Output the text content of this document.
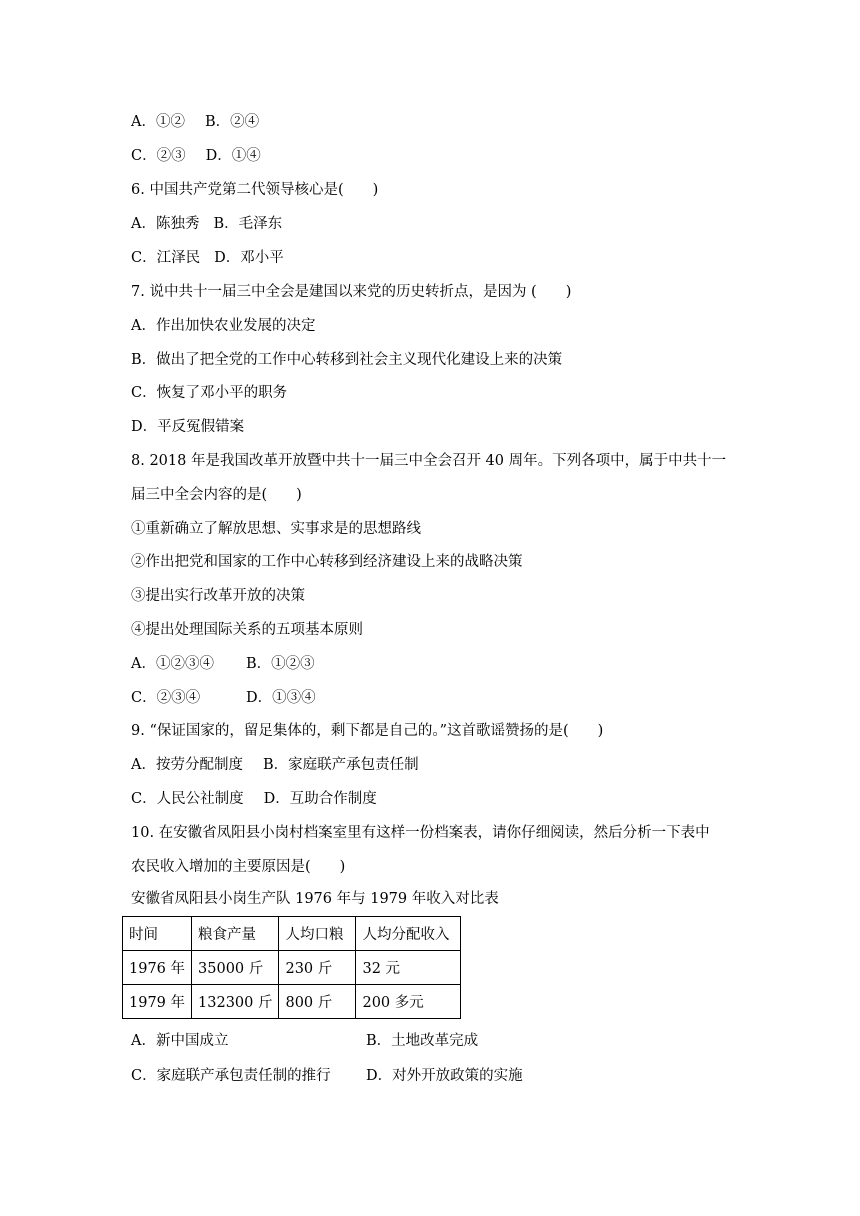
A．①② B．②④
C．②③ D．①④
6. 中国共产党第二代领导核心是(　　)
A．陈独秀 B．毛泽东
C．江泽民 D．邓小平
7. 说中共十一届三中全会是建国以来党的历史转折点，是因为 (　　)
A．作出加快农业发展的决定
B．做出了把全党的工作中心转移到社会主义现代化建设上来的决策
C．恢复了邓小平的职务
D．平反冤假错案
8. 2018 年是我国改革开放暨中共十一届三中全会召开 40 周年。下列各项中，属于中共十一
届三中全会内容的是(　　)
①重新确立了解放思想、实事求是的思想路线
②作出把党和国家的工作中心转移到经济建设上来的战略决策
③提出实行改革开放的决策
④提出处理国际关系的五项基本原则
A．①②③④ B．①②③
C．②③④	D．①③④
9. “保证国家的，留足集体的，剩下都是自己的。”这首歌谣赞扬的是(　　)
A．按劳分配制度 B．家庭联产承包责任制
C．人民公社制度 D．互助合作制度
10. 在安徽省凤阳县小岗村档案室里有这样一份档案表，请你仔细阅读，然后分析一下表中
农民收入增加的主要原因是(　　)
安徽省凤阳县小岗生产队 1976 年与 1979 年收入对比表
时间	粮食产量	人均口粮	人均分配收入
1976 年	35000 斤	230 斤	32 元
1979 年	132300 斤	800 斤	200 多元
A．新中国成立	B．土地改革完成
C．家庭联产承包责任制的推行 D．对外开放政策的实施
